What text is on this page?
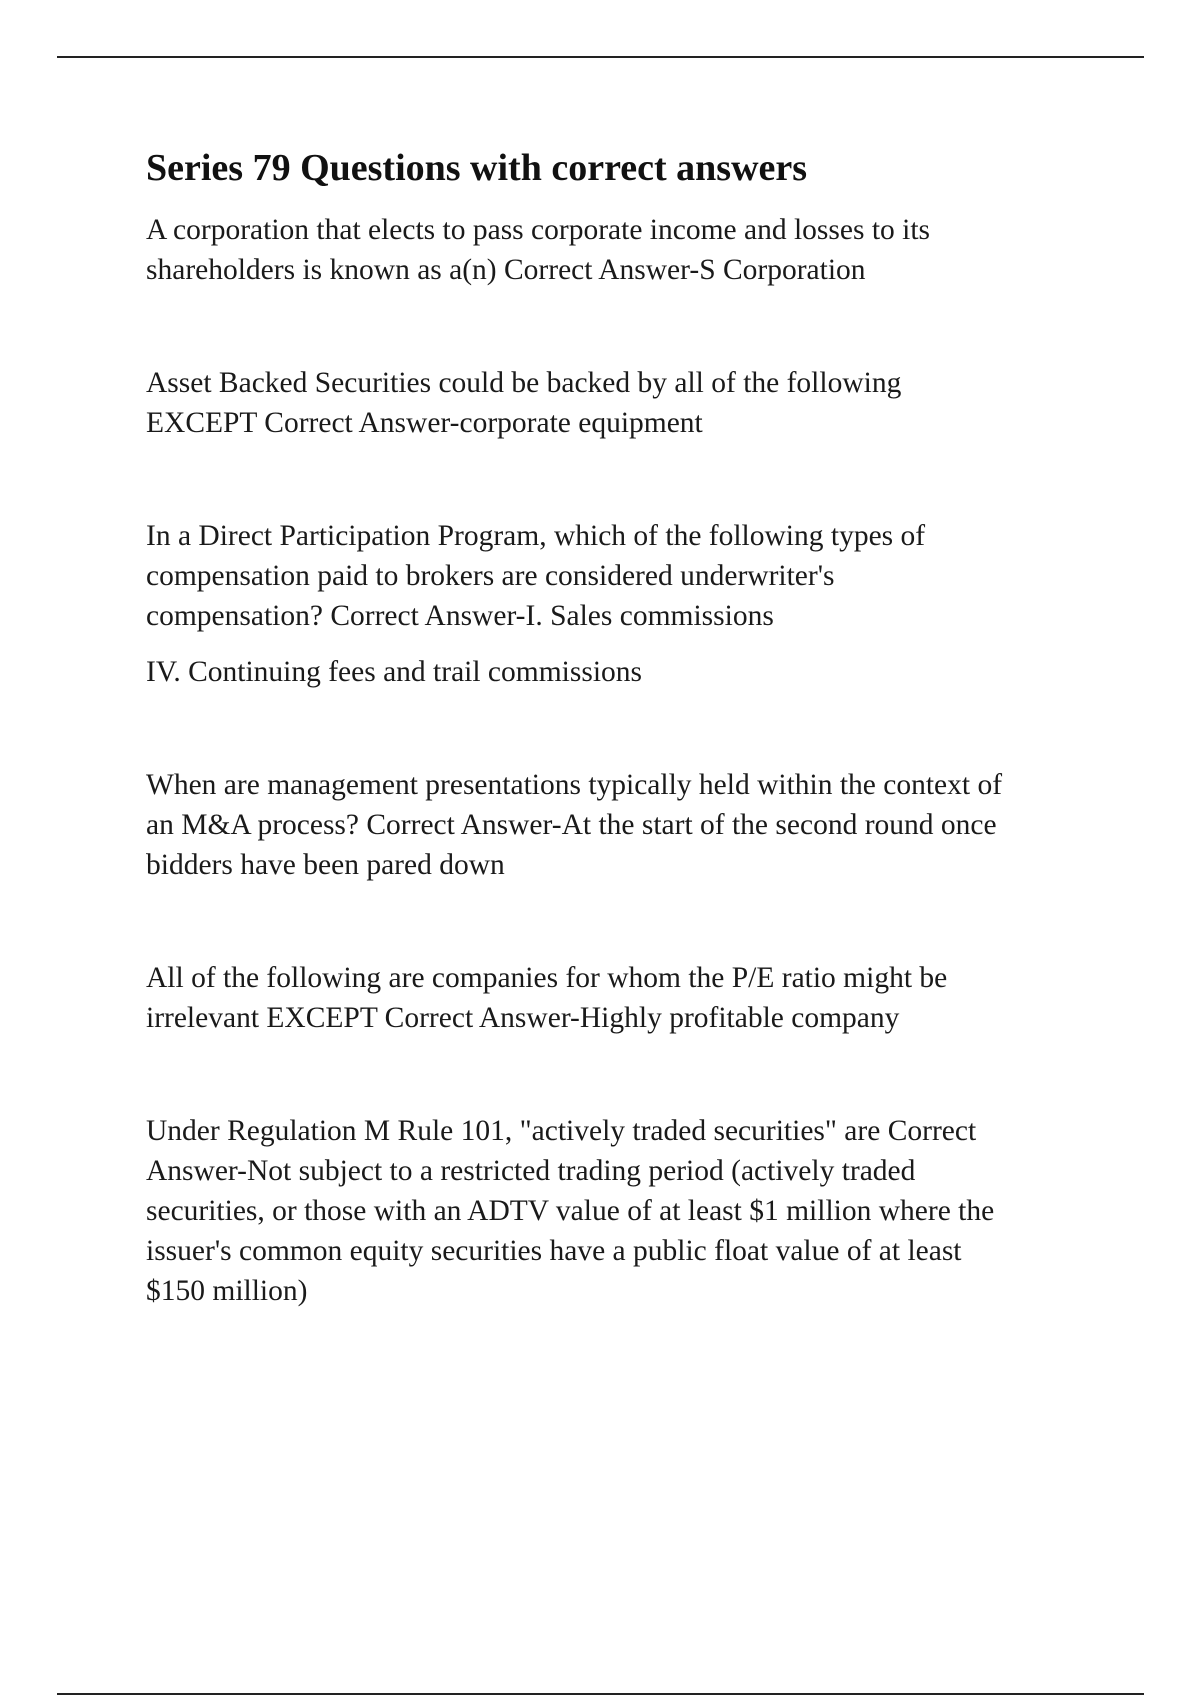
Series 79 Questions with correct answers

A corporation that elects to pass corporate income and losses to its
shareholders is known as a(n) Correct Answer-S Corporation

Asset Backed Securities could be backed by all of the following
EXCEPT Correct Answer-corporate equipment

In a Direct Participation Program, which of the following types of
compensation paid to brokers are considered underwriter's
compensation? Correct Answer-I. Sales commissions

IV. Continuing fees and trail commissions

When are management presentations typically held within the context of
an M&A process? Correct Answer-At the start of the second round once
bidders have been pared down

All of the following are companies for whom the P/E ratio might be
irrelevant EXCEPT Correct Answer-Highly profitable company

Under Regulation M Rule 101, "actively traded securities" are Correct
Answer-Not subject to a restricted trading period (actively traded
securities, or those with an ADTV value of at least $1 million where the
issuer's common equity securities have a public float value of at least
$150 million)
